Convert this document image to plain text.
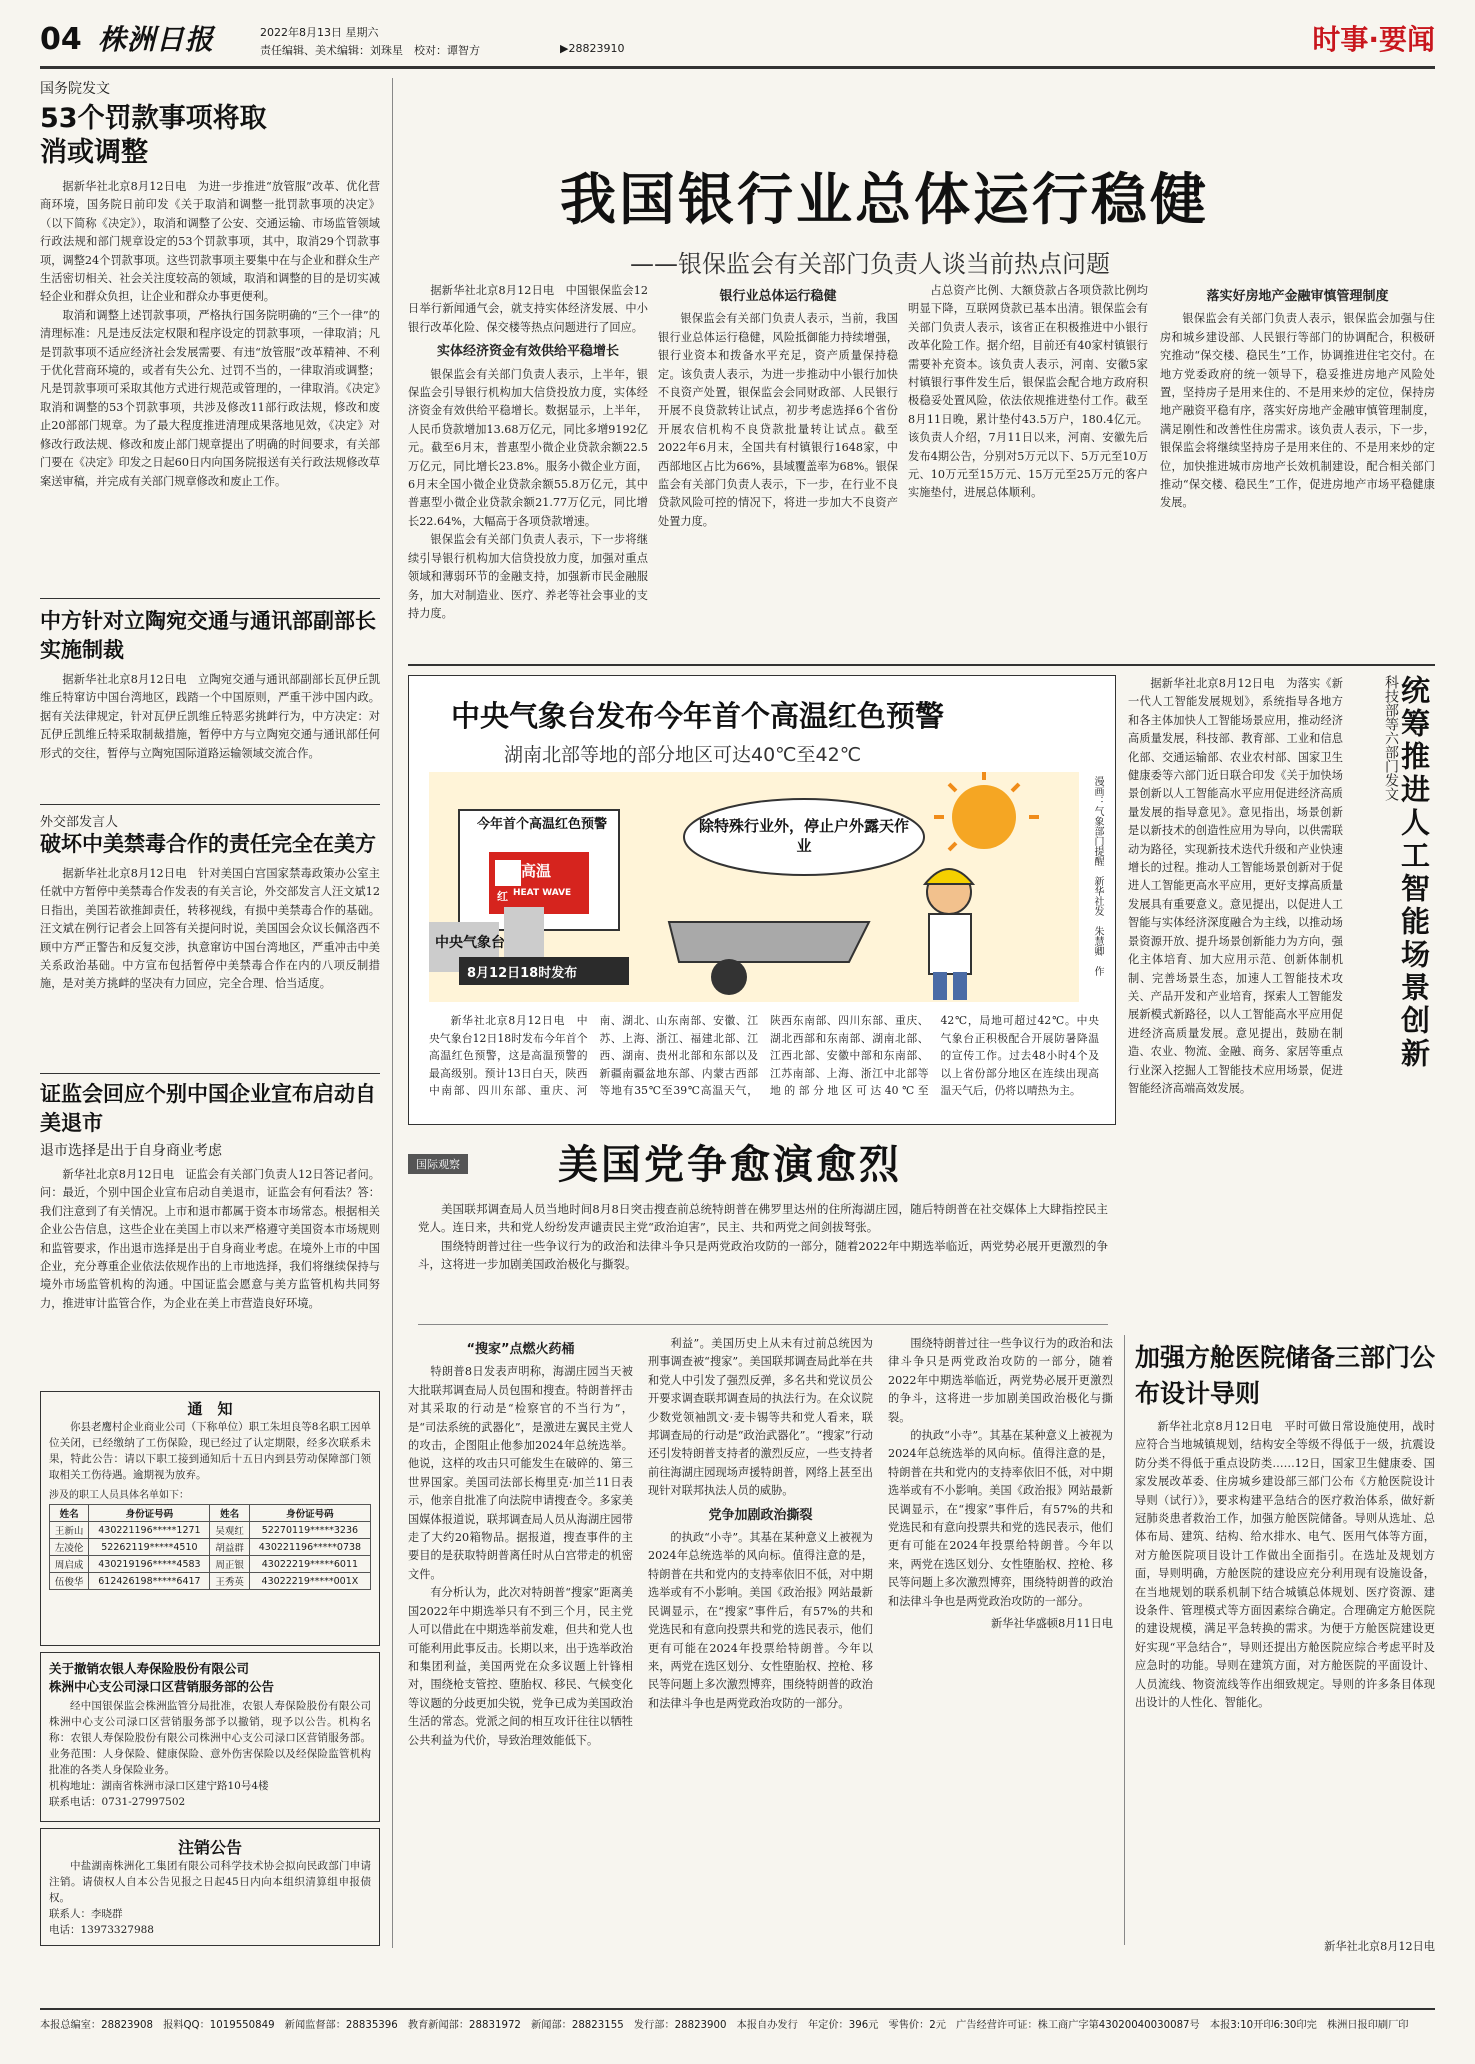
04 株洲日报	2022年8月13日 星期六
责任编辑、美术编辑：刘珠星　校对：谭智方	▶28823910	时事·要闻
国务院发文
53个罚款事项将取消或调整

据新华社北京8月12日电　为进一步推进“放管服”改革、优化营商环境，国务院日前印发《关于取消和调整一批罚款事项的决定》（以下简称《决定》），取消和调整了公安、交通运输、市场监管领域行政法规和部门规章设定的53个罚款事项，其中，取消29个罚款事项，调整24个罚款事项。这些罚款事项主要集中在与企业和群众生产生活密切相关、社会关注度较高的领域，取消和调整的目的是切实减轻企业和群众负担，让企业和群众办事更便利。

取消和调整上述罚款事项，严格执行国务院明确的“三个一律”的清理标准：凡是违反法定权限和程序设定的罚款事项，一律取消；凡是罚款事项不适应经济社会发展需要、有违“放管服”改革精神、不利于优化营商环境的，或者有失公允、过罚不当的，一律取消或调整；凡是罚款事项可采取其他方式进行规范或管理的，一律取消。《决定》取消和调整的53个罚款事项，共涉及修改11部行政法规，修改和废止20部部门规章。为了最大程度推进清理成果落地见效，《决定》对修改行政法规、修改和废止部门规章提出了明确的时间要求，有关部门要在《决定》印发之日起60日内向国务院报送有关行政法规修改草案送审稿，并完成有关部门规章修改和废止工作。

中方针对立陶宛交通与通讯部副部长实施制裁

据新华社北京8月12日电　立陶宛交通与通讯部副部长瓦伊丘凯维丘特窜访中国台湾地区，践踏一个中国原则，严重干涉中国内政。据有关法律规定，针对瓦伊丘凯维丘特恶劣挑衅行为，中方决定：对瓦伊丘凯维丘特采取制裁措施，暂停中方与立陶宛交通与通讯部任何形式的交往，暂停与立陶宛国际道路运输领域交流合作。

外交部发言人
破坏中美禁毒合作的责任完全在美方

据新华社北京8月12日电　针对美国白宫国家禁毒政策办公室主任就中方暂停中美禁毒合作发表的有关言论，外交部发言人汪文斌12日指出，美国若欲推卸责任，转移视线，有损中美禁毒合作的基础。汪文斌在例行记者会上回答有关提问时说，美国国会众议长佩洛西不顾中方严正警告和反复交涉，执意窜访中国台湾地区，严重冲击中美关系政治基础。中方宣布包括暂停中美禁毒合作在内的八项反制措施，是对美方挑衅的坚决有力回应，完全合理、恰当适度。

证监会回应个别中国企业宣布启动自美退市
退市选择是出于自身商业考虑

新华社北京8月12日电　证监会有关部门负责人12日答记者问。问：最近，个别中国企业宣布启动自美退市，证监会有何看法？答：我们注意到了有关情况。上市和退市都属于资本市场常态。根据相关企业公告信息，这些企业在美国上市以来严格遵守美国资本市场规则和监管要求，作出退市选择是出于自身商业考虑。在境外上市的中国企业，充分尊重企业依法依规作出的上市地选择，我们将继续保持与境外市场监管机构的沟通。中国证监会愿意与美方监管机构共同努力，推进审计监管合作，为企业在美上市营造良好环境。

通　知

你县老鹰村企业商业公司（下称单位）职工朱坦良等8名职工因单位关闭，已经缴纳了工伤保险，现已经过了认定期限，经多次联系未果，特此公告：请以下职工接到通知后十五日内到县劳动保障部门领取相关工伤待遇。逾期视为放弃。

涉及的职工人员具体名单如下：
姓名	身份证号码	姓名	身份证号码
王新山	430221196*****1271	吴观红	52270119*****3236
左凌伦	52262119*****4510	胡益群	430221196*****0738
周启成	430219196*****4583	周正银	43022219*****6011
伍俊华	612426198*****6417	王秀英	43022219*****001X
关于撤销农银人寿保险股份有限公司
株洲中心支公司渌口区营销服务部的公告

经中国银保监会株洲监管分局批准，农银人寿保险股份有限公司株洲中心支公司渌口区营销服务部予以撤销，现予以公告。机构名称：农银人寿保险股份有限公司株洲中心支公司渌口区营销服务部。业务范围：人身保险、健康保险、意外伤害保险以及经保险监管机构批准的各类人身保险业务。

机构地址：湖南省株洲市渌口区建宁路10号4楼
联系电话：0731-27997502
注销公告

中盐湖南株洲化工集团有限公司科学技术协会拟向民政部门申请注销。请债权人自本公告见报之日起45日内向本组织清算组申报债权。

联系人：李晓群
电话：13973327988
我国银行业总体运行稳健
——银保监会有关部门负责人谈当前热点问题

据新华社北京8月12日电　中国银保监会12日举行新闻通气会，就支持实体经济发展、中小银行改革化险、保交楼等热点问题进行了回应。

实体经济资金有效供给平稳增长

银保监会有关部门负责人表示，上半年，银保监会引导银行机构加大信贷投放力度，实体经济资金有效供给平稳增长。数据显示，上半年，人民币贷款增加13.68万亿元，同比多增9192亿元。截至6月末，普惠型小微企业贷款余额22.5万亿元，同比增长23.8%。服务小微企业方面，6月末全国小微企业贷款余额55.8万亿元，其中普惠型小微企业贷款余额21.77万亿元，同比增长22.64%，大幅高于各项贷款增速。

银保监会有关部门负责人表示，下一步将继续引导银行机构加大信贷投放力度，加强对重点领域和薄弱环节的金融支持，加强新市民金融服务，加大对制造业、医疗、养老等社会事业的支持力度。

银行业总体运行稳健

银保监会有关部门负责人表示，当前，我国银行业总体运行稳健，风险抵御能力持续增强，银行业资本和拨备水平充足，资产质量保持稳定。该负责人表示，为进一步推动中小银行加快不良资产处置，银保监会会同财政部、人民银行开展不良贷款转让试点，初步考虑选择6个省份开展农信机构不良贷款批量转让试点。截至2022年6月末，全国共有村镇银行1648家，中西部地区占比为66%，县域覆盖率为68%。银保监会有关部门负责人表示，下一步，在行业不良贷款风险可控的情况下，将进一步加大不良资产处置力度。

占总资产比例、大额贷款占各项贷款比例均明显下降，互联网贷款已基本出清。银保监会有关部门负责人表示，该省正在积极推进中小银行改革化险工作。据介绍，目前还有40家村镇银行需要补充资本。该负责人表示，河南、安徽5家村镇银行事件发生后，银保监会配合地方政府积极稳妥处置风险，依法依规推进垫付工作。截至8月11日晚，累计垫付43.5万户，180.4亿元。该负责人介绍，7月11日以来，河南、安徽先后发布4期公告，分别对5万元以下、5万元至10万元、10万元至15万元、15万元至25万元的客户实施垫付，进展总体顺利。

落实好房地产金融审慎管理制度

银保监会有关部门负责人表示，银保监会加强与住房和城乡建设部、人民银行等部门的协调配合，积极研究推动“保交楼、稳民生”工作，协调推进住宅交付。在地方党委政府的统一领导下，稳妥推进房地产风险处置，坚持房子是用来住的、不是用来炒的定位，保持房地产融资平稳有序，落实好房地产金融审慎管理制度，满足刚性和改善性住房需求。该负责人表示，下一步，银保监会将继续坚持房子是用来住的、不是用来炒的定位，加快推进城市房地产长效机制建设，配合相关部门推动“保交楼、稳民生”工作，促进房地产市场平稳健康发展。

中央气象台发布今年首个高温红色预警
湖南北部等地的部分地区可达40℃至42℃
今年首个高温红色预警
高温
红 HEAT WAVE
除特殊行业外，停止户外露天作业
中央气象台
8月12日18时发布	漫画：气象部门提醒　新华社发　朱慧卿　作

新华社北京8月12日电　中央气象台12日18时发布今年首个高温红色预警，这是高温预警的最高级别。预计13日白天，陕西中南部、四川东部、重庆、河南、湖北、山东南部、安徽、江苏、上海、浙江、福建北部、江西、湖南、贵州北部和东部以及新疆南疆盆地东部、内蒙古西部等地有35℃至39℃高温天气，陕西东南部、四川东部、重庆、湖北西部和东南部、湖南北部、江西北部、安徽中部和东南部、江苏南部、上海、浙江中北部等地的部分地区可达40℃至42℃，局地可超过42℃。中央气象台正积极配合开展防暑降温的宣传工作。过去48小时4个及以上省份部分地区在连续出现高温天气后，仍将以晴热为主。

科技部等六部门发文
统筹推进人工智能场景创新

据新华社北京8月12日电　为落实《新一代人工智能发展规划》，系统指导各地方和各主体加快人工智能场景应用，推动经济高质量发展，科技部、教育部、工业和信息化部、交通运输部、农业农村部、国家卫生健康委等六部门近日联合印发《关于加快场景创新以人工智能高水平应用促进经济高质量发展的指导意见》。意见指出，场景创新是以新技术的创造性应用为导向，以供需联动为路径，实现新技术迭代升级和产业快速增长的过程。推动人工智能场景创新对于促进人工智能更高水平应用，更好支撑高质量发展具有重要意义。意见提出，以促进人工智能与实体经济深度融合为主线，以推动场景资源开放、提升场景创新能力为方向，强化主体培育、加大应用示范、创新体制机制、完善场景生态，加速人工智能技术攻关、产品开发和产业培育，探索人工智能发展新模式新路径，以人工智能高水平应用促进经济高质量发展。意见提出，鼓励在制造、农业、物流、金融、商务、家居等重点行业深入挖掘人工智能技术应用场景，促进智能经济高端高效发展。

国际观察 美国党争愈演愈烈

美国联邦调查局人员当地时间8月8日突击搜查前总统特朗普在佛罗里达州的住所海湖庄园，随后特朗普在社交媒体上大肆指控民主党人。连日来，共和党人纷纷发声谴责民主党“政治迫害”，民主、共和两党之间剑拔弩张。

围绕特朗普过往一些争议行为的政治和法律斗争只是两党政治攻防的一部分，随着2022年中期选举临近，两党势必展开更激烈的争斗，这将进一步加剧美国政治极化与撕裂。

“搜家”点燃火药桶

特朗普8日发表声明称，海湖庄园当天被大批联邦调查局人员包围和搜查。特朗普抨击对其采取的行动是“检察官的不当行为”，是“司法系统的武器化”，是激进左翼民主党人的攻击，企图阻止他参加2024年总统选举。他说，这样的攻击只可能发生在破碎的、第三世界国家。美国司法部长梅里克·加兰11日表示，他亲自批准了向法院申请搜查令。多家美国媒体报道说，联邦调查局人员从海湖庄园带走了大约20箱物品。据报道，搜查事件的主要目的是获取特朗普离任时从白宫带走的机密文件。

有分析认为，此次对特朗普“搜家”距离美国2022年中期选举只有不到三个月，民主党人可以借此在中期选举前发难，但共和党人也可能利用此事反击。长期以来，出于选举政治和集团利益，美国两党在众多议题上针锋相对，围绕枪支管控、堕胎权、移民、气候变化等议题的分歧更加尖锐，党争已成为美国政治生活的常态。党派之间的相互攻讦往往以牺牲公共利益为代价，导致治理效能低下。

利益”。美国历史上从未有过前总统因为刑事调查被“搜家”。美国联邦调查局此举在共和党人中引发了强烈反弹，多名共和党议员公开要求调查联邦调查局的执法行为。在众议院少数党领袖凯文·麦卡锡等共和党人看来，联邦调查局的行动是“政治武器化”。“搜家”行动还引发特朗普支持者的激烈反应，一些支持者前往海湖庄园现场声援特朗普，网络上甚至出现针对联邦执法人员的威胁。

党争加剧政治撕裂

的执政“小寺”。其基在某种意义上被视为2024年总统选举的风向标。值得注意的是，特朗普在共和党内的支持率依旧不低，对中期选举或有不小影响。美国《政治报》网站最新民调显示，在“搜家”事件后，有57%的共和党选民和有意向投票共和党的选民表示，他们更有可能在2024年投票给特朗普。今年以来，两党在选区划分、女性堕胎权、控枪、移民等问题上多次激烈博弈，围绕特朗普的政治和法律斗争也是两党政治攻防的一部分。

围绕特朗普过往一些争议行为的政治和法律斗争只是两党政治攻防的一部分，随着2022年中期选举临近，两党势必展开更激烈的争斗，这将进一步加剧美国政治极化与撕裂。

的执政“小寺”。其基在某种意义上被视为2024年总统选举的风向标。值得注意的是，特朗普在共和党内的支持率依旧不低，对中期选举或有不小影响。美国《政治报》网站最新民调显示，在“搜家”事件后，有57%的共和党选民和有意向投票共和党的选民表示，他们更有可能在2024年投票给特朗普。今年以来，两党在选区划分、女性堕胎权、控枪、移民等问题上多次激烈博弈，围绕特朗普的政治和法律斗争也是两党政治攻防的一部分。

新华社华盛顿8月11日电
加强方舱医院储备三部门公布设计导则

新华社北京8月12日电　平时可做日常设施使用，战时应符合当地城镇规划，结构安全等级不得低于一级，抗震设防分类不得低于重点设防类……12日，国家卫生健康委、国家发展改革委、住房城乡建设部三部门公布《方舱医院设计导则（试行）》，要求构建平急结合的医疗救治体系，做好新冠肺炎患者救治工作，加强方舱医院储备。导则从选址、总体布局、建筑、结构、给水排水、电气、医用气体等方面，对方舱医院项目设计工作做出全面指引。在选址及规划方面，导则明确，方舱医院的建设应充分利用现有设施设备，在当地规划的联系机制下结合城镇总体规划、医疗资源、建设条件、管理模式等方面因素综合确定。合理确定方舱医院的建设规模，满足平急转换的需求。为便于方舱医院建设更好实现“平急结合”，导则还提出方舱医院应综合考虑平时及应急时的功能。导则在建筑方面，对方舱医院的平面设计、人员流线、物资流线等作出细致规定。导则的许多条目体现出设计的人性化、智能化。

新华社北京8月12日电
本报总编室：28823908　报料QQ：1019550849　新闻监督部：28835396　教育新闻部：28831972　新闻部：28823155　发行部：28823900　本报自办发行　年定价：396元　零售价：2元　广告经营许可证：株工商广字第43020040030087号　本报3:10开印6:30印完　株洲日报印刷厂印
